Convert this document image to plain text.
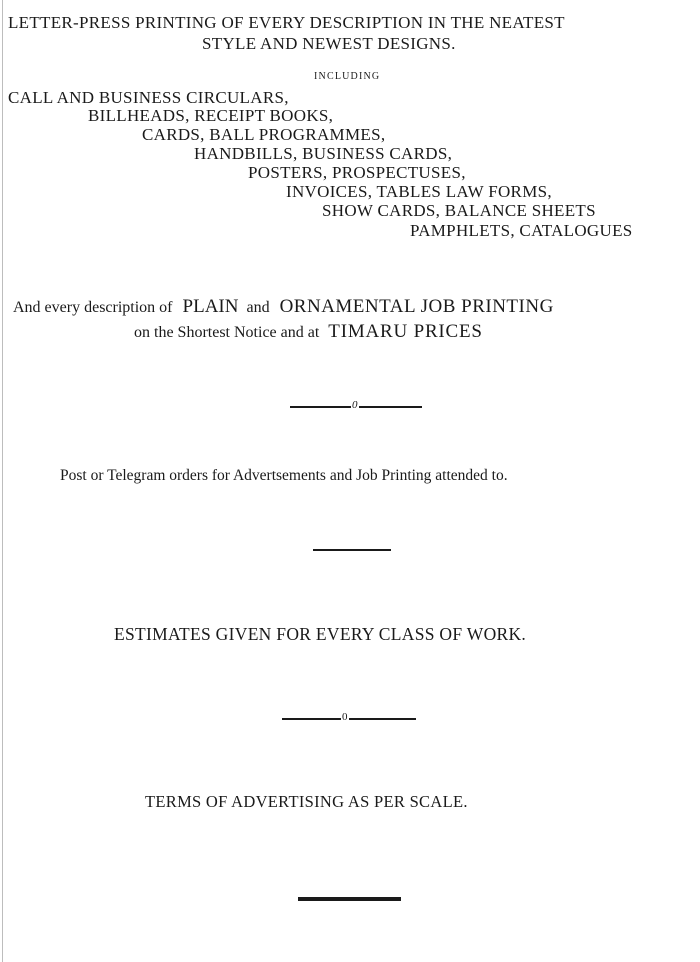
LETTER-PRESS PRINTING OF EVERY DESCRIPTION IN THE NEATEST
STYLE AND NEWEST DESIGNS.
INCLUDING
CALL AND BUSINESS CIRCULARS,
BILLHEADS, RECEIPT BOOKS,
CARDS, BALL PROGRAMMES,
HANDBILLS, BUSINESS CARDS,
POSTERS, PROSPECTUSES,
INVOICES, TABLES LAW FORMS,
SHOW CARDS, BALANCE SHEETS
PAMPHLETS, CATALOGUES
And every description of PLAIN and ORNAMENTAL JOB PRINTING
on the Shortest Notice and at TIMARU PRICES
0
Post or Telegram orders for Advertsements and Job Printing attended to.
ESTIMATES GIVEN FOR EVERY CLASS OF WORK.
0
TERMS OF ADVERTISING AS PER SCALE.
